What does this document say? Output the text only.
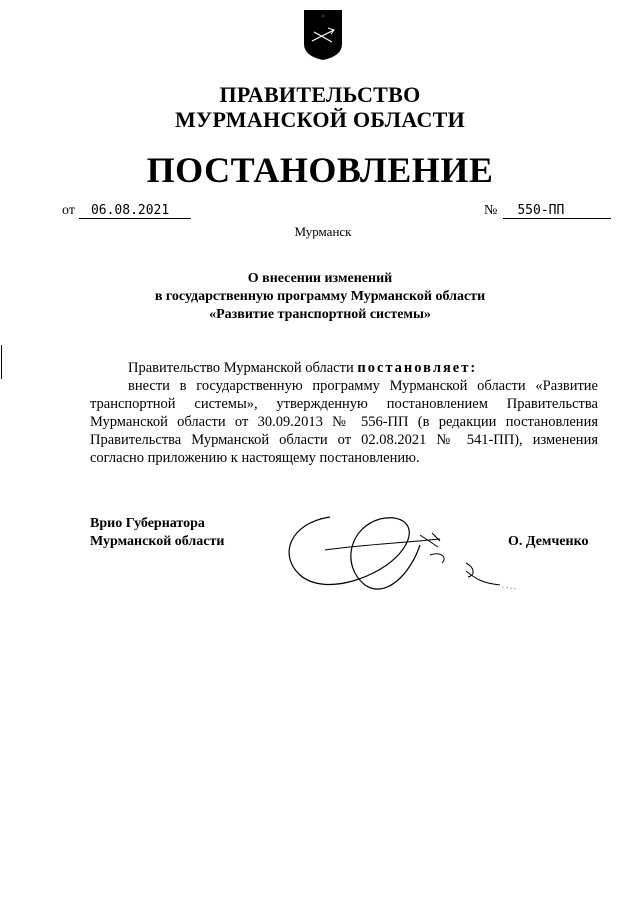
ПРАВИТЕЛЬСТВО
МУРМАНСКОЙ ОБЛАСТИ
ПОСТАНОВЛЕНИЕ
от 06.08.2021	№ 550-ПП
Мурманск
О внесении изменений
в государственную программу Мурманской области
«Развитие транспортной системы»
Правительство Мурманской области постановляет:
внести в государственную программу Мурманской области «Развитие транспортной системы», утвержденную постановлением Правительства Мурманской области от 30.09.2013 № 556-ПП (в редакции постановления Правительства Мурманской области от 02.08.2021 № 541-ПП), изменения согласно приложению к настоящему постановлению.
Врио Губернатора
Мурманской области	О. Демченко
